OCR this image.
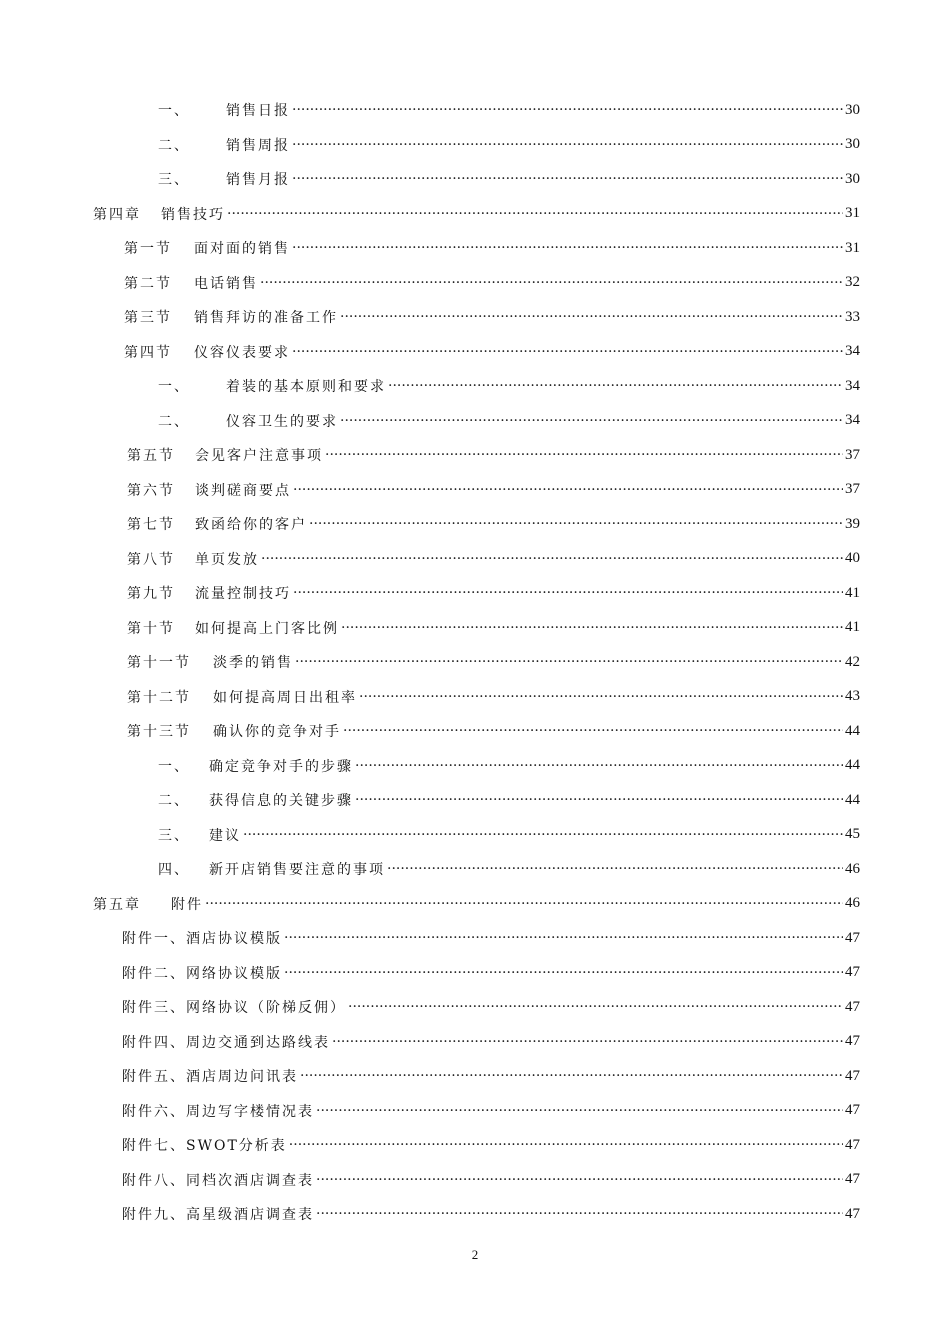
一、	销售日报 ·····	30
二、	销售周报 ·····	30
三、	销售月报 ·····	30
第四章	销售技巧 ·····	31
第一节	面对面的销售 ·····	31
第二节	电话销售 ·····	32
第三节	销售拜访的准备工作 ·····	33
第四节	仪容仪表要求 ·····	34
一、	着装的基本原则和要求 ·····	34
二、	仪容卫生的要求 ·····	34
第五节	会见客户注意事项 ·····	37
第六节	谈判磋商要点 ·····	37
第七节	致函给你的客户 ·····	39
第八节	单页发放 ·····	40
第九节	流量控制技巧 ·····	41
第十节	如何提高上门客比例 ·····	41
第十一节	淡季的销售 ·····	42
第十二节	如何提高周日出租率 ·····	43
第十三节	确认你的竞争对手 ·····	44
一、	确定竞争对手的步骤 ·····	44
二、	获得信息的关键步骤 ·····	44
三、	建议 ·····	45
四、	新开店销售要注意的事项 ·····	46
第五章	附件 ·····	46
附件一、酒店协议模版 ·····	47
附件二、网络协议模版 ·····	47
附件三、网络协议（阶梯反佣） ·····	47
附件四、周边交通到达路线表 ·····	47
附件五、酒店周边问讯表 ·····	47
附件六、周边写字楼情况表 ·····	47
附件七、SWOT分析表 ·····	47
附件八、同档次酒店调查表 ·····	47
附件九、高星级酒店调查表 ·····	47
2
